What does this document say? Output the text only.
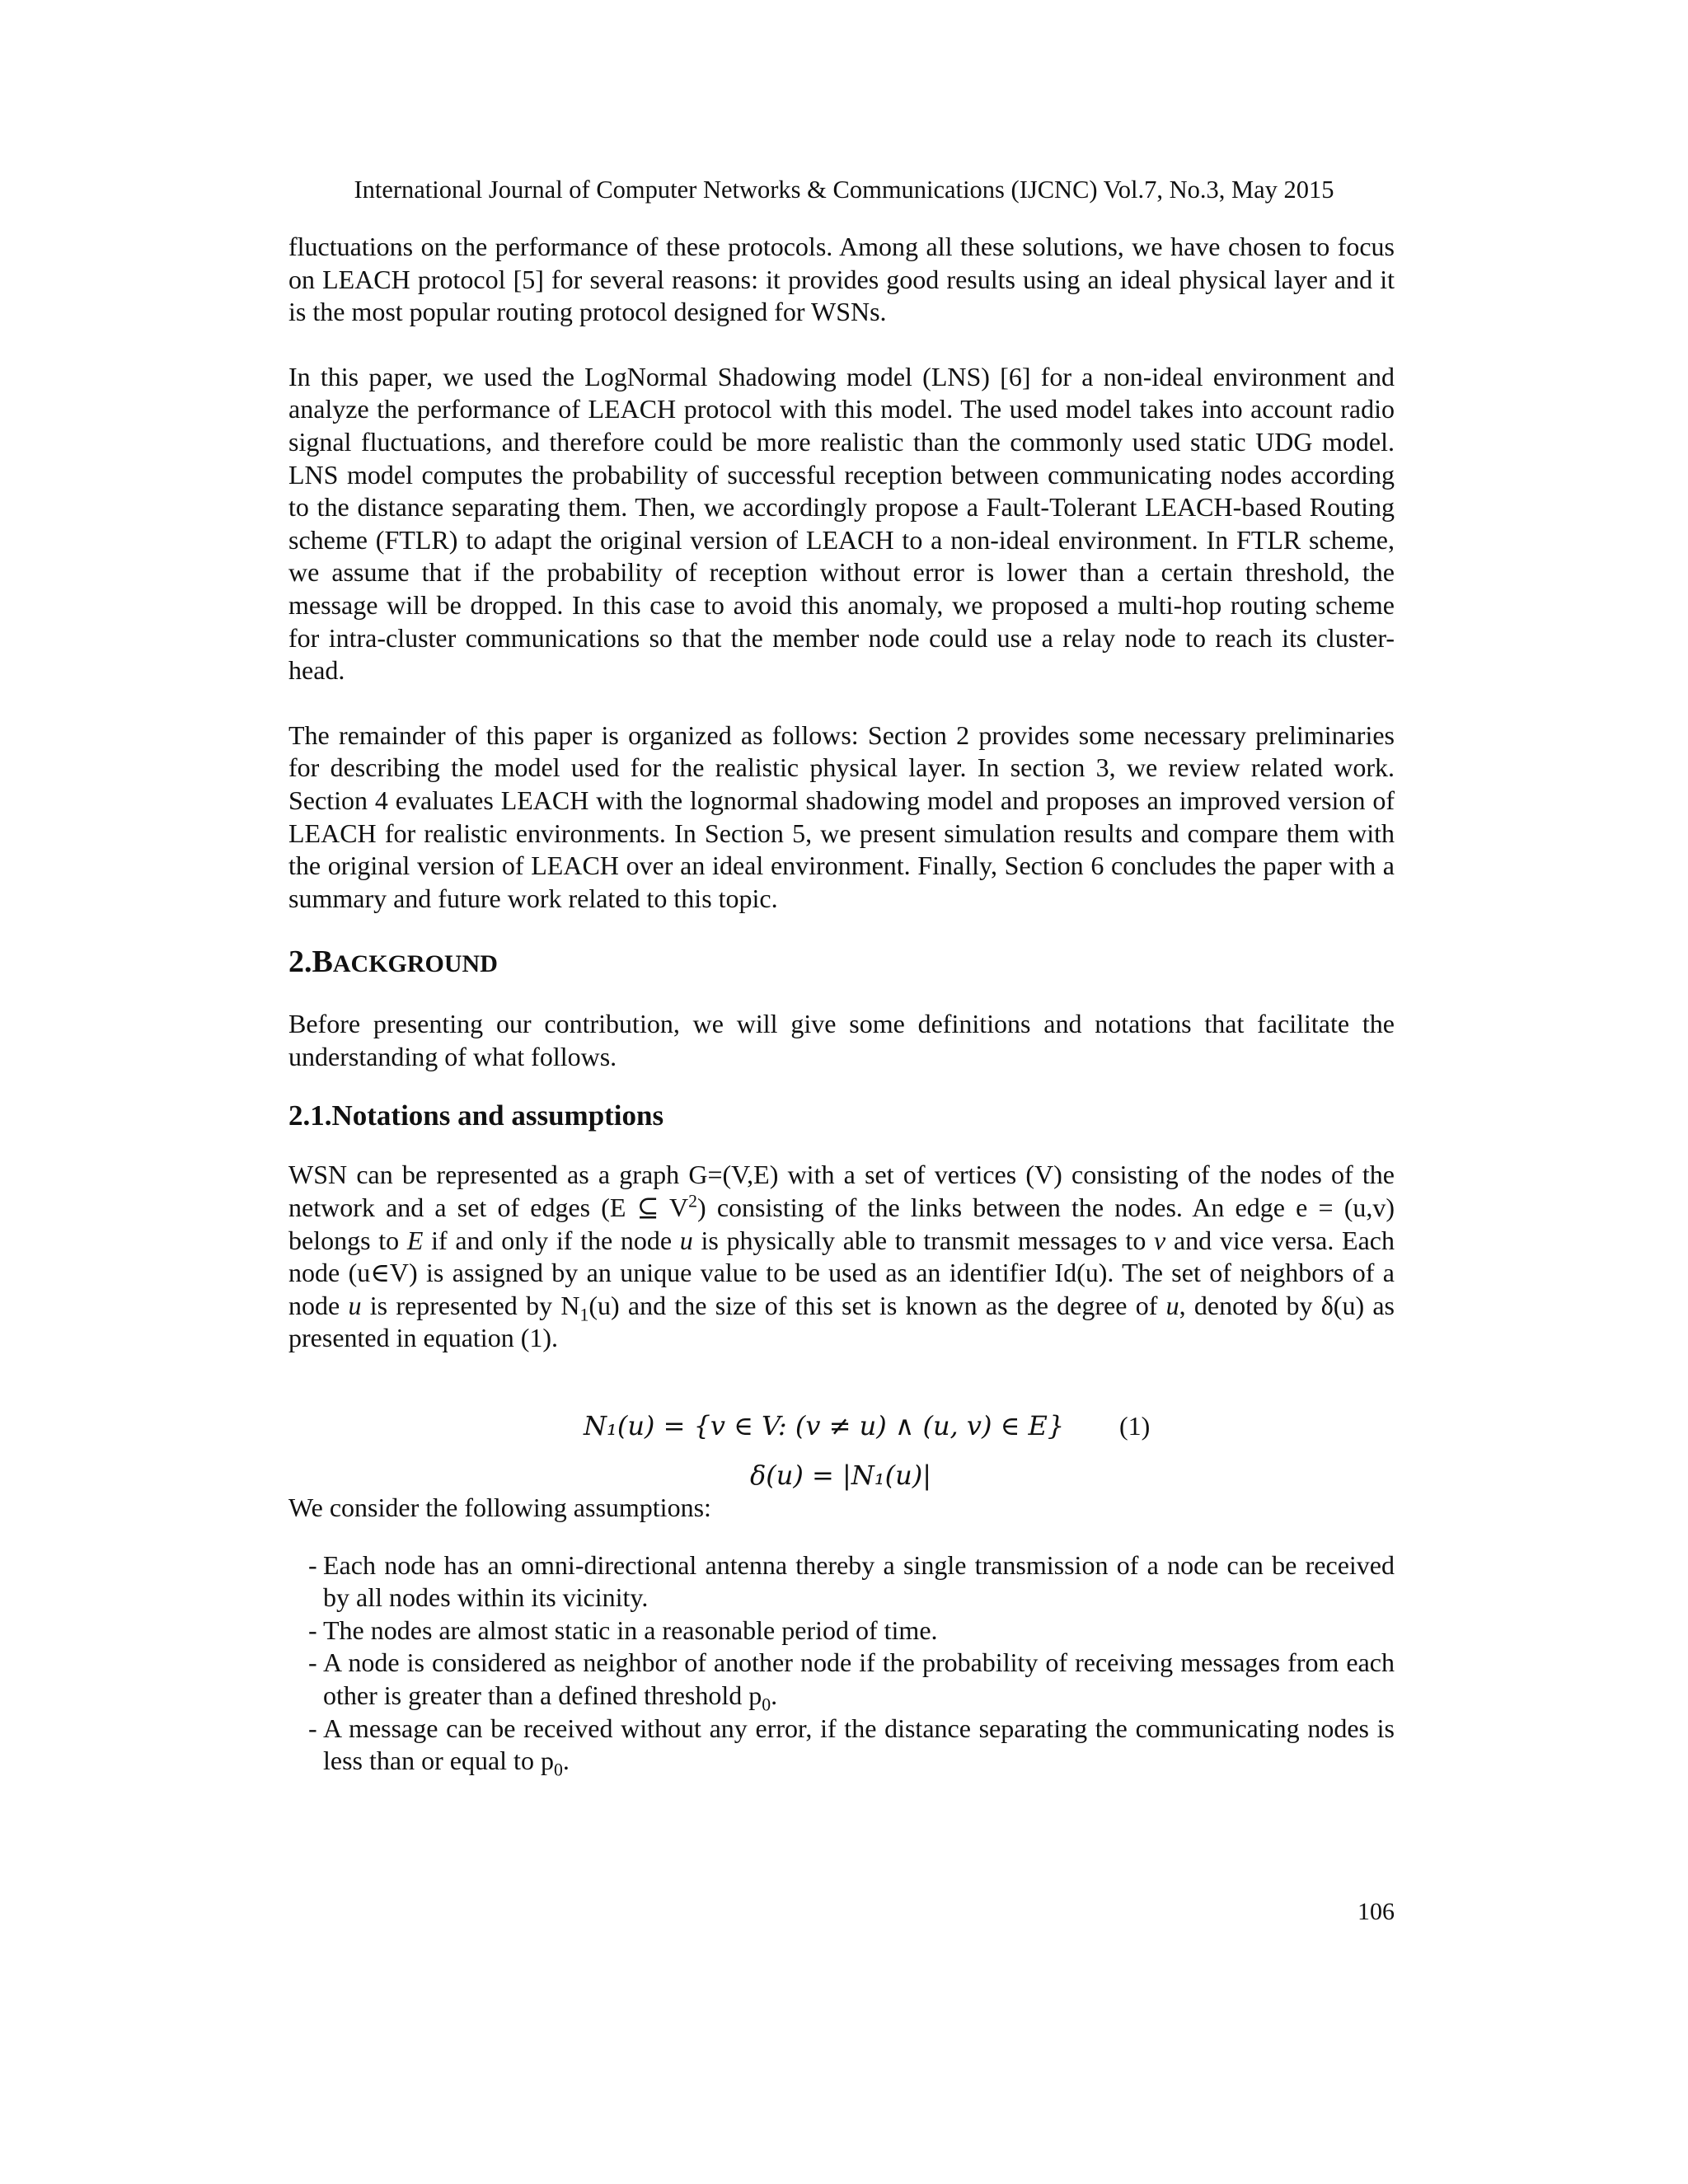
International Journal of Computer Networks & Communications (IJCNC) Vol.7, No.3, May 2015

fluctuations on the performance of these protocols. Among all these solutions, we have chosen to focus on LEACH protocol [5] for several reasons: it provides good results using an ideal physical layer and it is the most popular routing protocol designed for WSNs.

In this paper, we used the LogNormal Shadowing model (LNS) [6] for a non-ideal environment and analyze the performance of LEACH protocol with this model. The used model takes into account radio signal fluctuations, and therefore could be more realistic than the commonly used static UDG model. LNS model computes the probability of successful reception between communicating nodes according to the distance separating them. Then, we accordingly propose a Fault-Tolerant LEACH-based Routing scheme (FTLR) to adapt the original version of LEACH to a non-ideal environment. In FTLR scheme, we assume that if the probability of reception without error is lower than a certain threshold, the message will be dropped. In this case to avoid this anomaly, we proposed a multi-hop routing scheme for intra-cluster communications so that the member node could use a relay node to reach its cluster-head.

The remainder of this paper is organized as follows: Section 2 provides some necessary preliminaries for describing the model used for the realistic physical layer. In section 3, we review related work. Section 4 evaluates LEACH with the lognormal shadowing model and proposes an improved version of LEACH for realistic environments. In Section 5, we present simulation results and compare them with the original version of LEACH over an ideal environment. Finally, Section 6 concludes the paper with a summary and future work related to this topic.

2.BACKGROUND

Before presenting our contribution, we will give some definitions and notations that facilitate the understanding of what follows.

2.1.Notations and assumptions

WSN can be represented as a graph G=(V,E) with a set of vertices (V) consisting of the nodes of the network and a set of edges (E ⊆ $V^2$) consisting of the links between the nodes. An edge e = (u,v) belongs to E if and only if the node u is physically able to transmit messages to v and vice versa. Each node (u∈V) is assigned by an unique value to be used as an identifier Id(u). The set of neighbors of a node u is represented by $N_1(u)$ and the size of this set is known as the degree of u, denoted by δ(u) as presented in equation (1).

N₁(u) = {v ∈ V: (v ≠ u) ∧ (u, v) ∈ E} (1)
δ(u) = |N₁(u)|

We consider the following assumptions:

- Each node has an omni-directional antenna thereby a single transmission of a node can be received by all nodes within its vicinity.
- The nodes are almost static in a reasonable period of time.
- A node is considered as neighbor of another node if the probability of receiving messages from each other is greater than a defined threshold $p_0$.
- A message can be received without any error, if the distance separating the communicating nodes is less than or equal to $p_0$.
106
